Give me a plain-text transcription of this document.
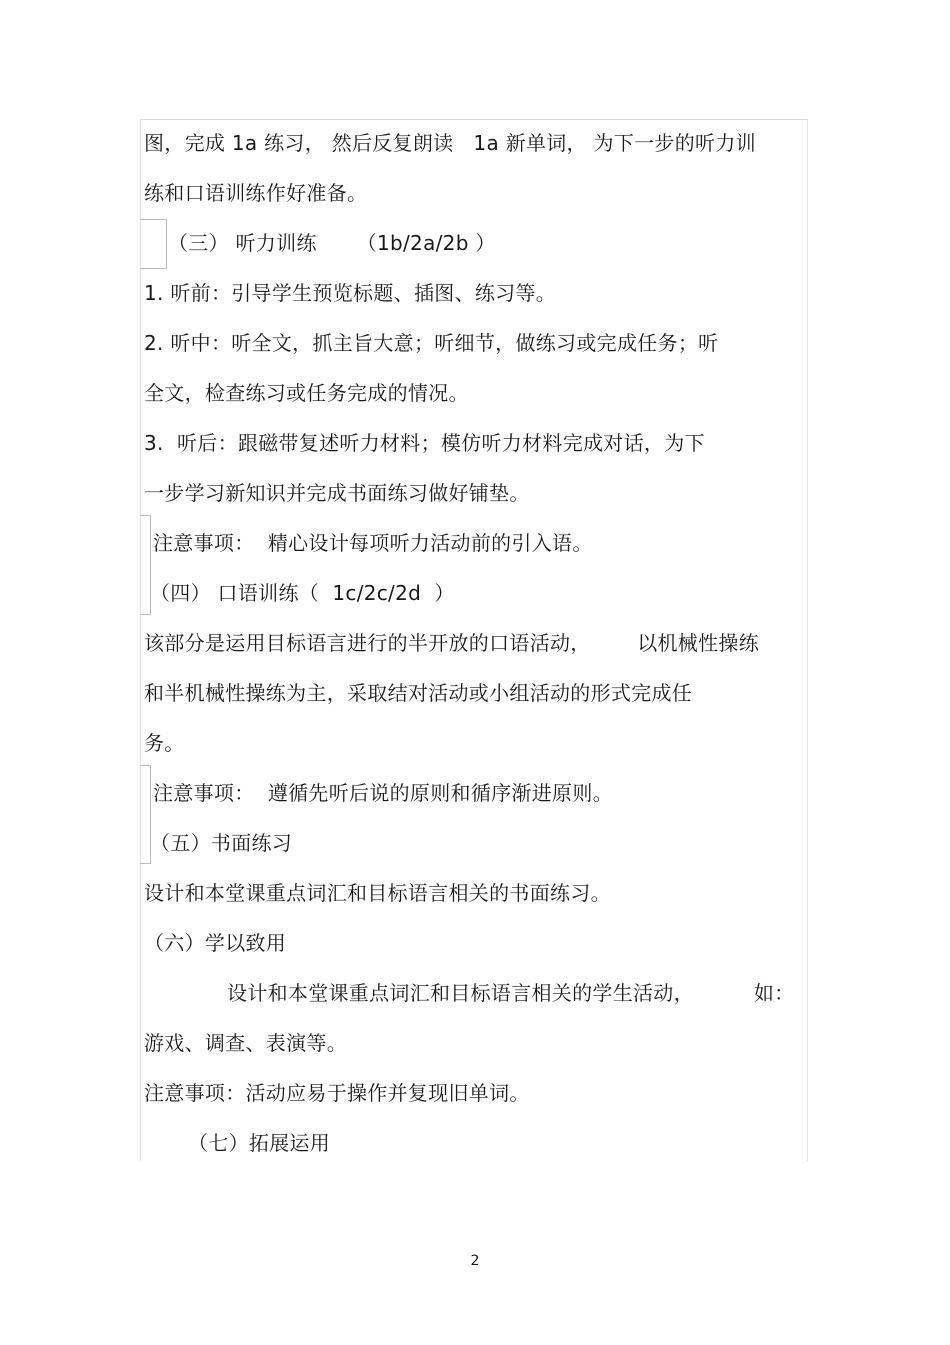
图，完成 1a 练习， 然后反复朗读   1a 新单词， 为下一步的听力训
练和口语训练作好准备。
（三） 听力训练      （1b/2a/2b ）
1. 听前：引导学生预览标题、插图、练习等。
2. 听中：听全文，抓主旨大意；听细节，做练习或完成任务；听
全文，检查练习或任务完成的情况。
3.  听后：跟磁带复述听力材料；模仿听力材料完成对话，为下
一步学习新知识并完成书面练习做好铺垫。
注意事项：  精心设计每项听力活动前的引入语。
（四） 口语训练（  1c/2c/2d  ）
该部分是运用目标语言进行的半开放的口语活动，       以机械性操练
和半机械性操练为主，采取结对活动或小组活动的形式完成任
务。
注意事项：  遵循先听后说的原则和循序渐进原则。
（五）书面练习
设计和本堂课重点词汇和目标语言相关的书面练习。
（六）学以致用
设计和本堂课重点词汇和目标语言相关的学生活动，         如：
游戏、调查、表演等。
注意事项：活动应易于操作并复现旧单词。
（七）拓展运用
2
